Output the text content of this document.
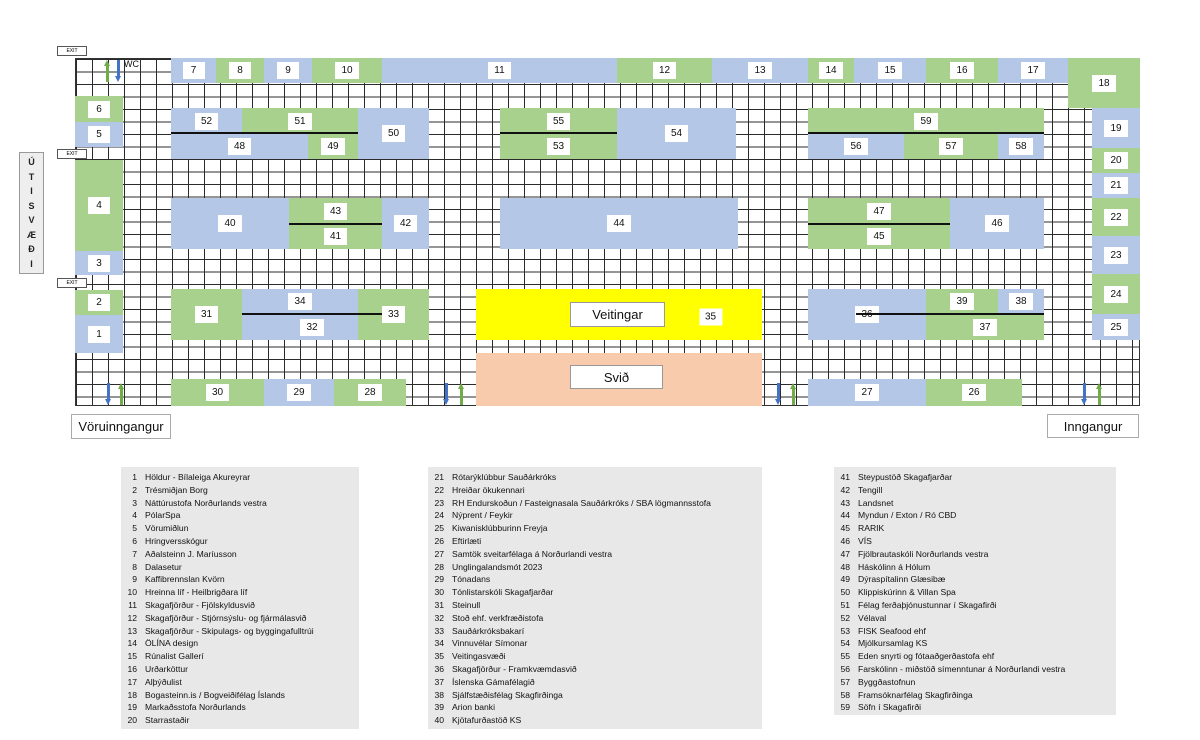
WC
EXIT
EXIT
EXIT
Ú
T
I
S
V
Æ
Ð
I
Vöruinngangur	Inngangur
1 Höldur - Bílaleiga Akureyrar
2 Trésmiðjan Borg
3 Náttúrustofa Norðurlands vestra
4 PólarSpa
5 Vörumiðlun
6 Hringversskógur
7 Aðalsteinn J. Maríusson
8 Dalasetur
9 Kaffibrennslan Kvörn
10 Hreinna líf - Heilbrigðara líf
11 Skagafjörður - Fjölskyldusvið
12 Skagafjörður - Stjórnsýslu- og fjármálasvið
13 Skagafjörður - Skipulags- og byggingafulltrúi
14 ÖLÍNA design
15 Rúnalist Gallerí
16 Urðarköttur
17 Alþýðulist
18 Bogasteinn.is / Bogveiðifélag Íslands
19 Markaðsstofa Norðurlands
20 Starrastaðir
21 Rótarýklúbbur Sauðárkróks
22 Hreiðar ökukennari
23 RH Endurskoðun / Fasteignasala Sauðárkróks / SBA lögmannsstofa
24 Nýprent / Feykir
25 Kiwanisklúbburinn Freyja
26 Eftirlæti
27 Samtök sveitarfélaga á Norðurlandi vestra
28 Unglingalandsmót 2023
29 Tónadans
30 Tónlistarskóli Skagafjarðar
31 Steinull
32 Stoð ehf. verkfræðistofa
33 Sauðárkróksbakarí
34 Vinnuvélar Símonar
35 Veitingasvæði
36 Skagafjörður - Framkvæmdasvið
37 Íslenska Gámafélagið
38 Sjálfstæðisfélag Skagfirðinga
39 Arion banki
40 Kjötafurðastöð KS
41 Steypustöð Skagafjarðar
42 Tengill
43 Landsnet
44 Myndun / Exton / Ró CBD
45 RARIK
46 VÍS
47 Fjölbrautaskóli Norðurlands vestra
48 Háskólinn á Hólum
49 Dýraspítalinn Glæsibæ
50 Klippiskúrinn & Villan Spa
51 Félag ferðaþjónustunnar í Skagafirði
52 Vélaval
53 FISK Seafood ehf
54 Mjólkursamlag KS
55 Eden snyrti og fótaaðgerðastofa ehf
56 Farskólinn - miðstöð símenntunar á Norðurlandi vestra
57 Byggðastofnun
58 Framsóknarfélag Skagfirðinga
59 Söfn í Skagafirði
1
2
3
4
5
6
7	8	9	10	11	12	13	14	15	16	17
18
19
20
21
22
23
24
25
26
27
28
29
30
31
32
33
34
35
37
38
39
40
41
42
43
44
45
46
47
48	49
50
51
52
53
54
55
56	57	58
59
Veitingar
Svið
